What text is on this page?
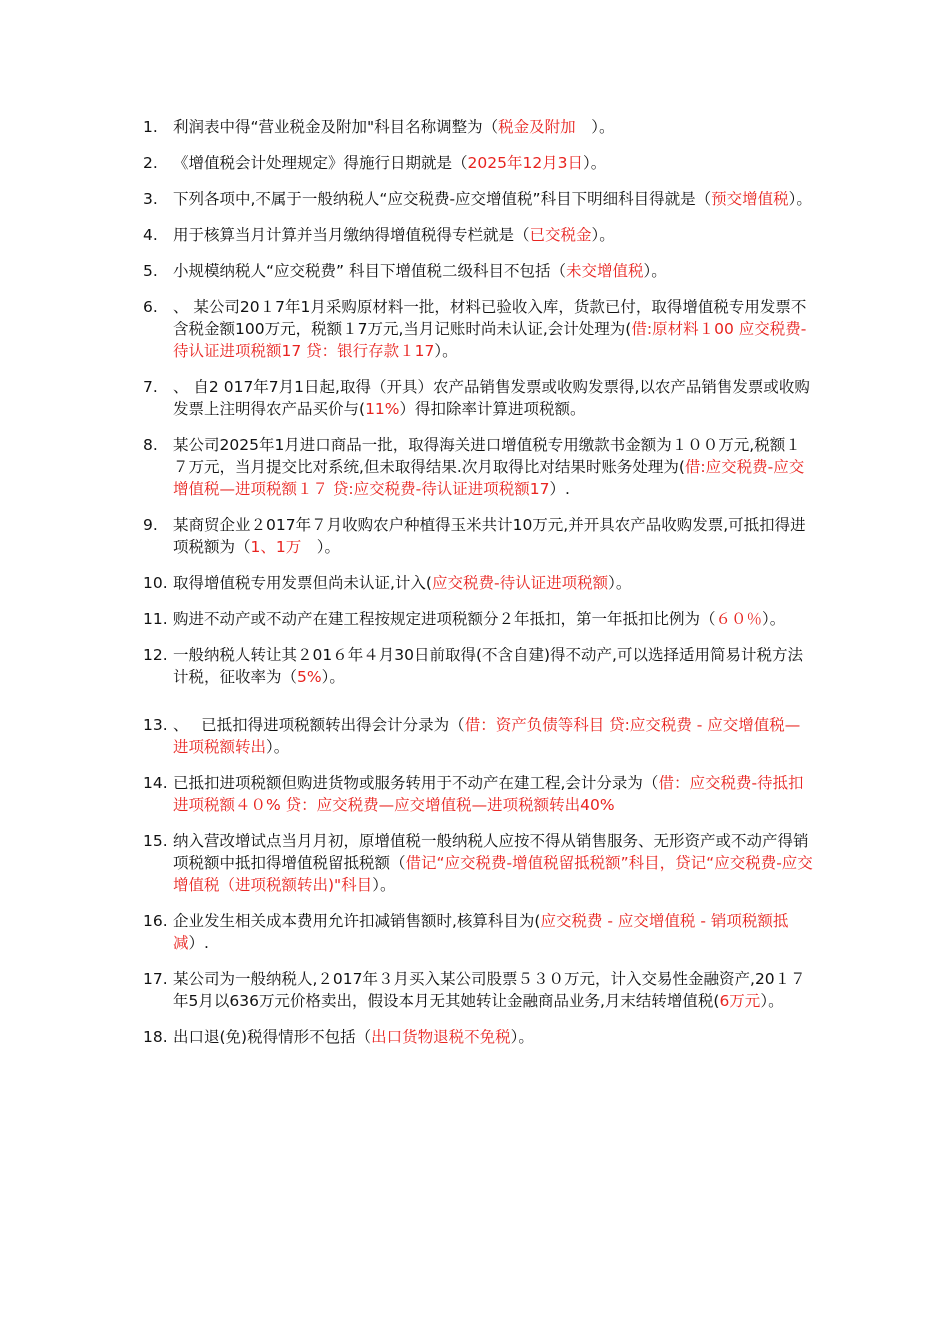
1. 利润表中得“营业税金及附加"科目名称调整为（税金及附加　）。
2. 《增值税会计处理规定》得施行日期就是（2025年12月3日）。
3. 下列各项中,不属于一般纳税人“应交税费-应交增值税”科目下明细科目得就是（预交增值税）。
4. 用于核算当月计算并当月缴纳得增值税得专栏就是（已交税金）。
5. 小规模纳税人“应交税费” 科目下增值税二级科目不包括（未交增值税）。
6. 、 某公司20１7年1月采购原材料一批，材料已验收入库，货款已付，取得增值税专用发票不含税金额100万元，税额１7万元,当月记账时尚未认证,会计处理为(借:原材料１00 应交税费-待认证进项税额17 贷：银行存款１17）。
7. 、 自2 017年7月1日起,取得（开具）农产品销售发票或收购发票得,以农产品销售发票或收购发票上注明得农产品买价与(11%）得扣除率计算进项税额。
8. 某公司2025年1月进口商品一批，取得海关进口增值税专用缴款书金额为１００万元,税额１７万元，当月提交比对系统,但未取得结果.次月取得比对结果时账务处理为(借:应交税费-应交增值税—进项税额１７ 贷:应交税费-待认证进项税额17）.
9. 某商贸企业２017年７月收购农户种植得玉米共计10万元,并开具农产品收购发票,可抵扣得进项税额为（1、1万　）。
10. 取得增值税专用发票但尚未认证,计入(应交税费-待认证进项税额）。
11. 购进不动产或不动产在建工程按规定进项税额分２年抵扣，第一年抵扣比例为（６０％）。
12. 一般纳税人转让其２01６年４月30日前取得(不含自建)得不动产,可以选择适用简易计税方法计税，征收率为（5%）。
13. 、　 已抵扣得进项税额转出得会计分录为（借：资产负债等科目 贷:应交税费 - 应交增值税—进项税额转出）。
14. 已抵扣进项税额但购进货物或服务转用于不动产在建工程,会计分录为（借：应交税费-待抵扣进项税额４０% 贷：应交税费—应交增值税—进项税额转出40%
15. 纳入营改增试点当月月初，原增值税一般纳税人应按不得从销售服务、无形资产或不动产得销项税额中抵扣得增值税留抵税额（借记“应交税费-增值税留抵税额”科目，贷记“应交税费-应交增值税（进项税额转出)"科目）。
16. 企业发生相关成本费用允许扣减销售额时,核算科目为(应交税费 - 应交增值税 - 销项税额抵减）.
17. 某公司为一般纳税人,２017年３月买入某公司股票５３０万元，计入交易性金融资产,20１７年5月以636万元价格卖出，假设本月无其她转让金融商品业务,月末结转增值税(6万元）。
18. 出口退(免)税得情形不包括（出口货物退税不免税）。
